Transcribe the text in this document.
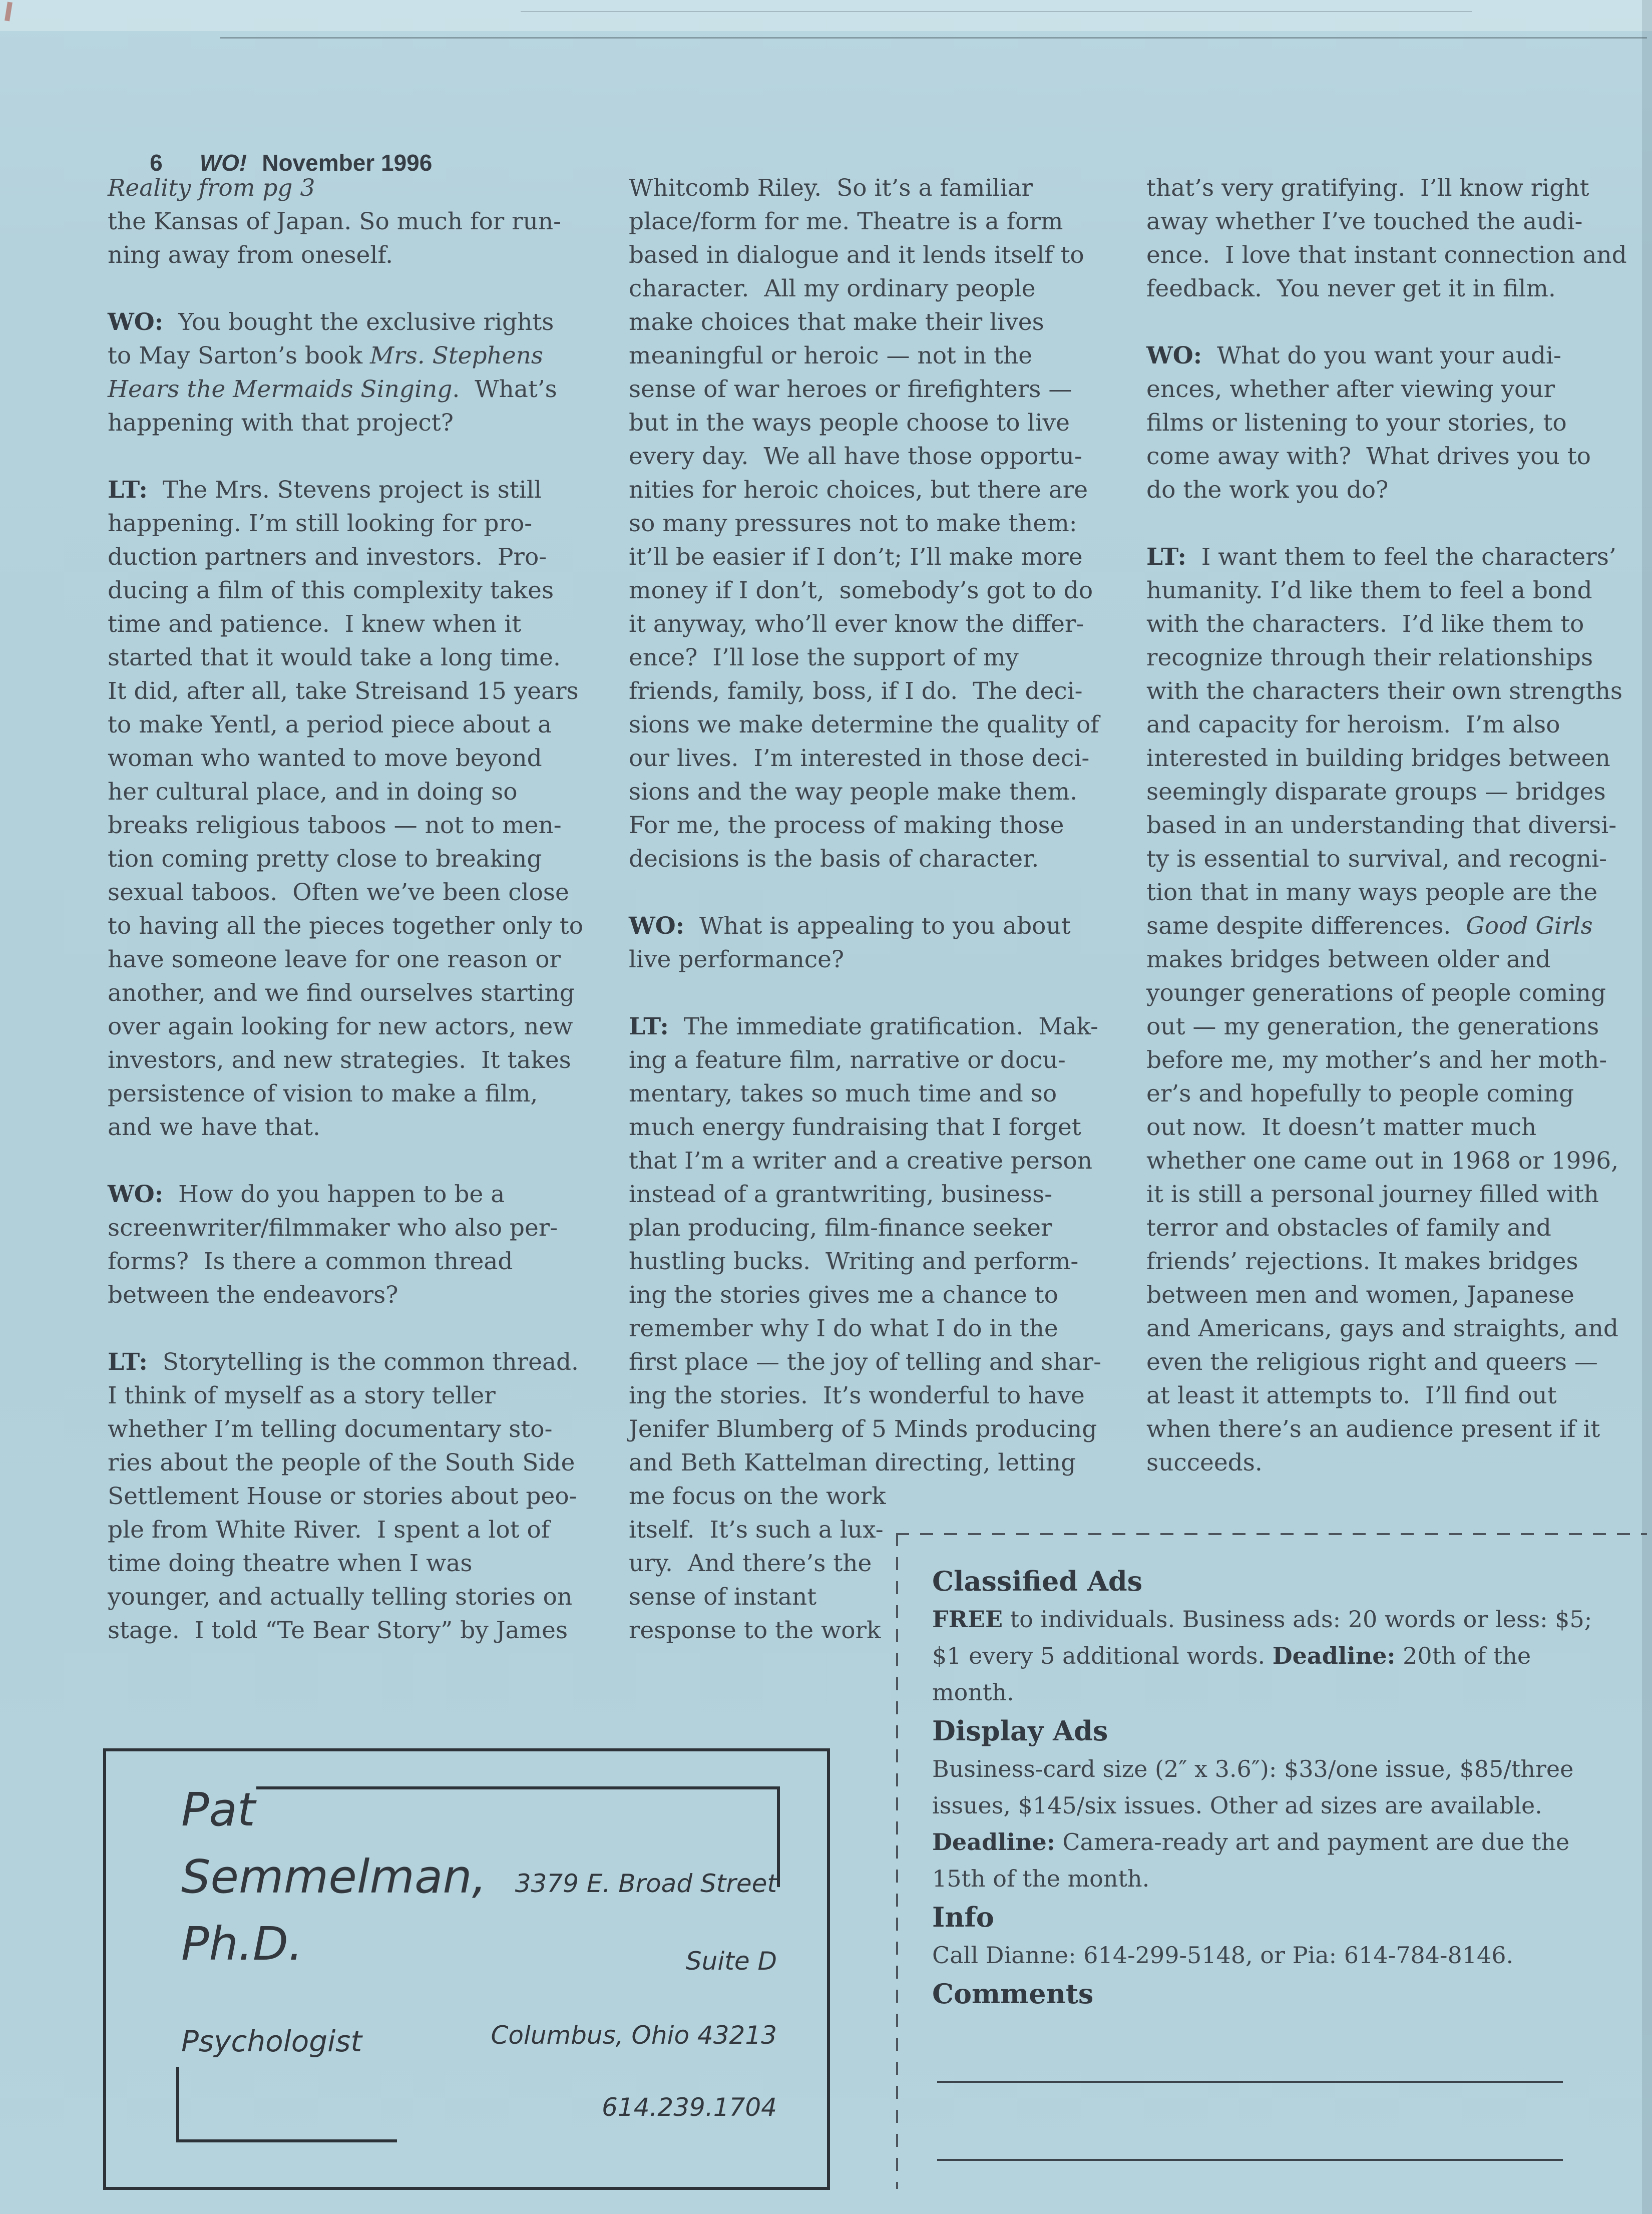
6 WO! November 1996

Reality from pg 3
the Kansas of Japan. So much for run-
ning away from oneself.
WO:  You bought the exclusive rights
to May Sarton’s book Mrs. Stephens
Hears the Mermaids Singing.  What’s
happening with that project?
LT:  The Mrs. Stevens project is still
happening. I’m still looking for pro-
duction partners and investors.  Pro-
ducing a film of this complexity takes
time and patience.  I knew when it
started that it would take a long time.
It did, after all, take Streisand 15 years
to make Yentl, a period piece about a
woman who wanted to move beyond
her cultural place, and in doing so
breaks religious taboos — not to men-
tion coming pretty close to breaking
sexual taboos.  Often we’ve been close
to having all the pieces together only to
have someone leave for one reason or
another, and we find ourselves starting
over again looking for new actors, new
investors, and new strategies.  It takes
persistence of vision to make a film,
and we have that.
WO:  How do you happen to be a
screenwriter/filmmaker who also per-
forms?  Is there a common thread
between the endeavors?
LT:  Storytelling is the common thread.
I think of myself as a story teller
whether I’m telling documentary sto-
ries about the people of the South Side
Settlement House or stories about peo-
ple from White River.  I spent a lot of
time doing theatre when I was
younger, and actually telling stories on
stage.  I told “Te Bear Story” by James
Whitcomb Riley.  So it’s a familiar
place/form for me. Theatre is a form
based in dialogue and it lends itself to
character.  All my ordinary people
make choices that make their lives
meaningful or heroic — not in the
sense of war heroes or firefighters —
but in the ways people choose to live
every day.  We all have those opportu-
nities for heroic choices, but there are
so many pressures not to make them:
it’ll be easier if I don’t; I’ll make more
money if I don’t,  somebody’s got to do
it anyway, who’ll ever know the differ-
ence?  I’ll lose the support of my
friends, family, boss, if I do.  The deci-
sions we make determine the quality of
our lives.  I’m interested in those deci-
sions and the way people make them.
For me, the process of making those
decisions is the basis of character.
WO:  What is appealing to you about
live performance?
LT:  The immediate gratification.  Mak-
ing a feature film, narrative or docu-
mentary, takes so much time and so
much energy fundraising that I forget
that I’m a writer and a creative person
instead of a grantwriting, business-
plan producing, film-finance seeker
hustling bucks.  Writing and perform-
ing the stories gives me a chance to
remember why I do what I do in the
first place — the joy of telling and shar-
ing the stories.  It’s wonderful to have
Jenifer Blumberg of 5 Minds producing
and Beth Kattelman directing, letting
me focus on the work
itself.  It’s such a lux-
ury.  And there’s the
sense of instant
response to the work
that’s very gratifying.  I’ll know right
away whether I’ve touched the audi-
ence.  I love that instant connection and
feedback.  You never get it in film.
WO:  What do you want your audi-
ences, whether after viewing your
films or listening to your stories, to
come away with?  What drives you to
do the work you do?
LT:  I want them to feel the characters’
humanity. I’d like them to feel a bond
with the characters.  I’d like them to
recognize through their relationships
with the characters their own strengths
and capacity for heroism.  I’m also
interested in building bridges between
seemingly disparate groups — bridges
based in an understanding that diversi-
ty is essential to survival, and recogni-
tion that in many ways people are the
same despite differences.  Good Girls
makes bridges between older and
younger generations of people coming
out — my generation, the generations
before me, my mother’s and her moth-
er’s and hopefully to people coming
out now.  It doesn’t matter much
whether one came out in 1968 or 1996,
it is still a personal journey filled with
terror and obstacles of family and
friends’ rejections. It makes bridges
between men and women, Japanese
and Americans, gays and straights, and
even the religious right and queers —
at least it attempts to.  I’ll find out
when there’s an audience present if it
succeeds.
Classified Ads
FREE to individuals. Business ads: 20 words or less: $5;
$1 every 5 additional words. Deadline: 20th of the
month.
Display Ads
Business-card size (2″ x 3.6″): $33/one issue, $85/three
issues, $145/six issues. Other ad sizes are available.
Deadline: Camera-ready art and payment are due the
15th of the month.
Info
Call Dianne: 614-299-5148, or Pia: 614-784-8146.
Comments
Pat
Semmelman,
Ph.D.
Psychologist
3379 E. Broad Street
Suite D
Columbus, Ohio 43213
614.239.1704
